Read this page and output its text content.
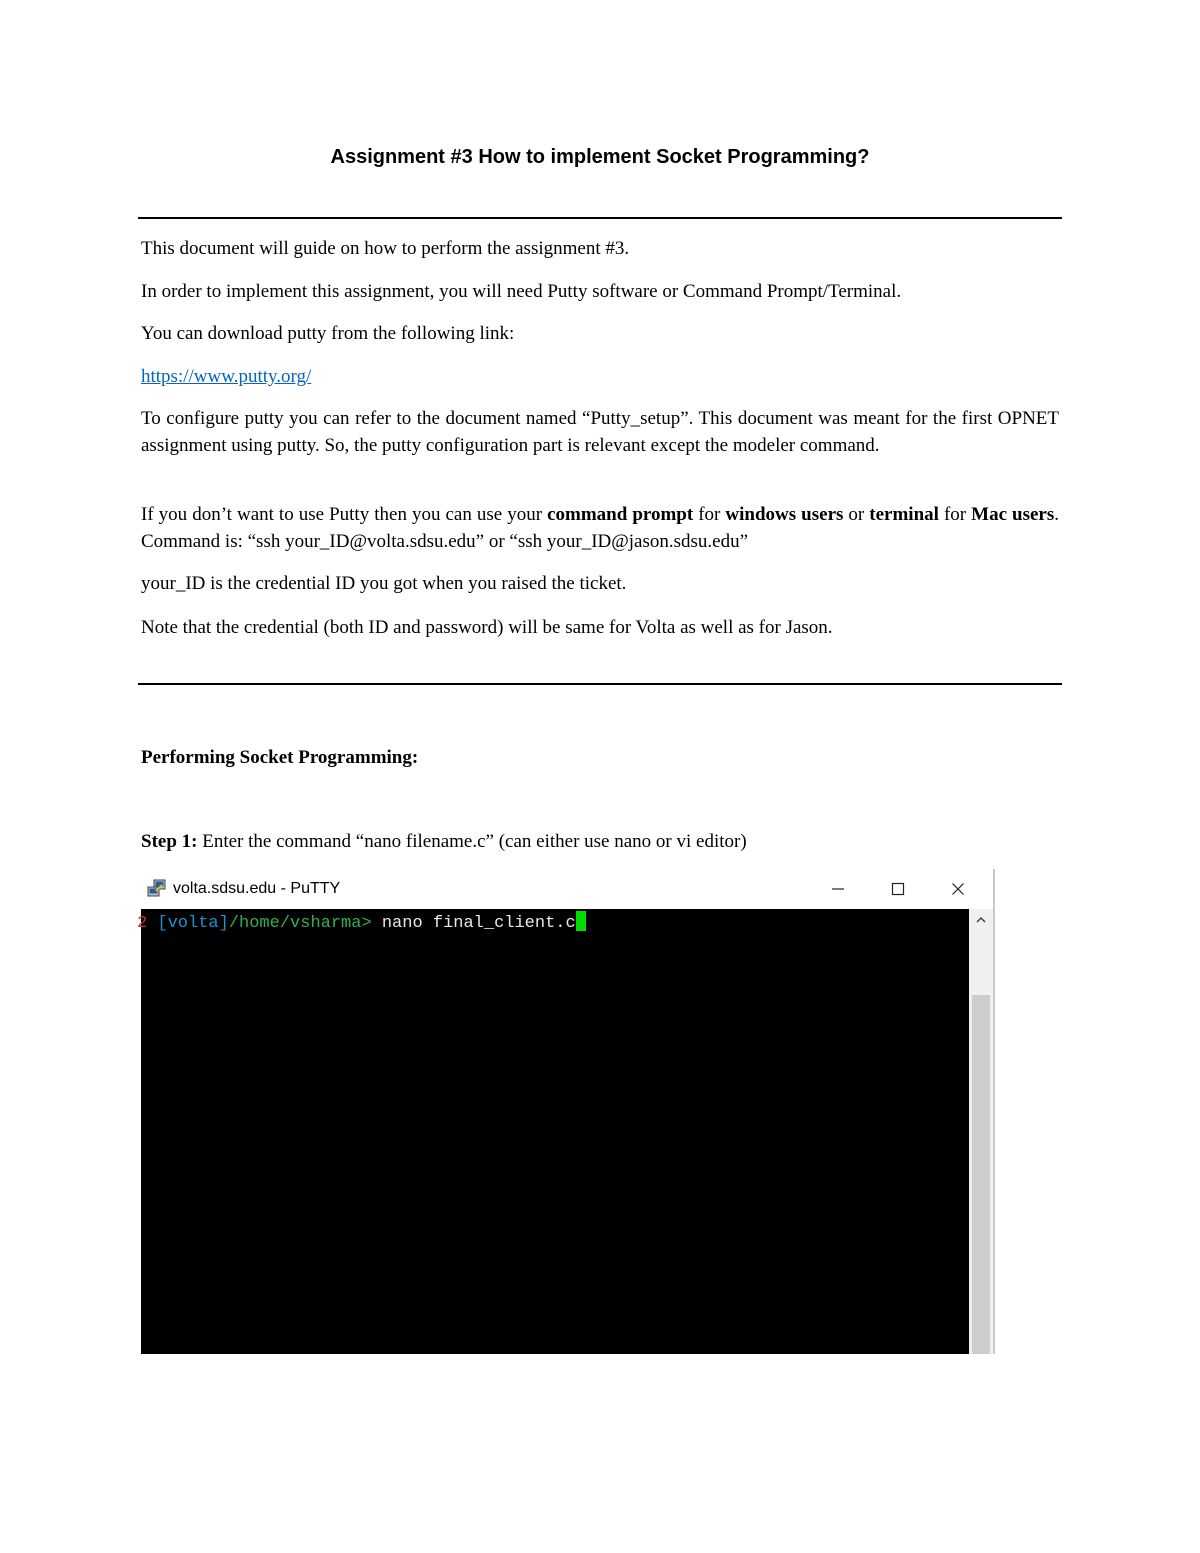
Assignment #3 How to implement Socket Programming?

This document will guide on how to perform the assignment #3.

In order to implement this assignment, you will need Putty software or Command Prompt/Terminal.

You can download putty from the following link:

https://www.putty.org/

To configure putty you can refer to the document named “Putty_setup”. This document was meant for the first OPNET assignment using putty. So, the putty configuration part is relevant except the modeler command.

If you don’t want to use Putty then you can use your command prompt for windows users or terminal for Mac users. Command is: “ssh your_ID@volta.sdsu.edu” or “ssh your_ID@jason.sdsu.edu”

your_ID is the credential ID you got when you raised the ticket.

Note that the credential (both ID and password) will be same for Volta as well as for Jason.

Performing Socket Programming:

Step 1: Enter the command “nano filename.c” (can either use nano or vi editor)

volta.sdsu.edu - PuTTY
2 [volta]/home/vsharma> nano final_client.c
